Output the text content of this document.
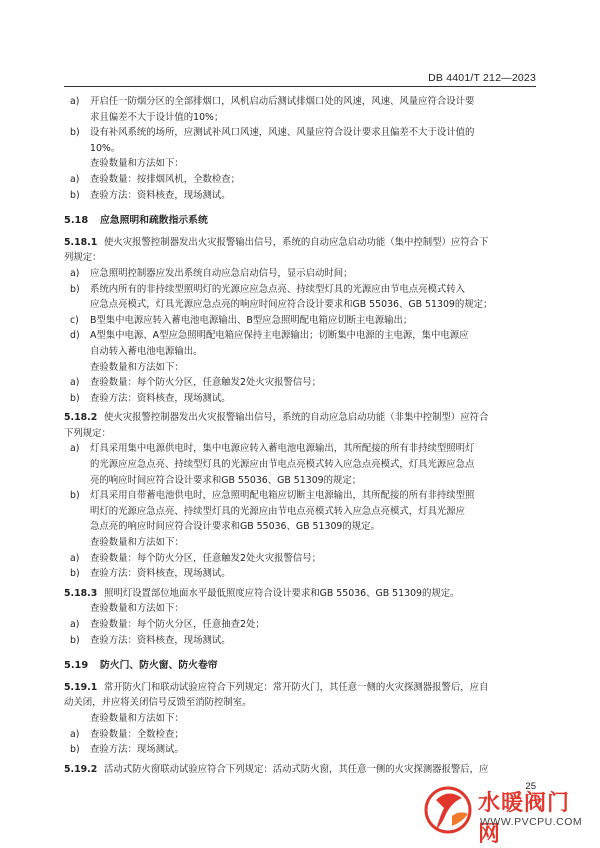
DB 4401/T 212—2023
a) 开启任一防烟分区的全部排烟口，风机启动后测试排烟口处的风速，风速、风量应符合设计要
求且偏差不大于设计值的10%；
b) 设有补风系统的场所，应测试补风口风速，风速、风量应符合设计要求且偏差不大于设计值的
10%。
查验数量和方法如下：
a) 查验数量：按排烟风机，全数检查；
b) 查验方法：资料核查，现场测试。
5.18 应急照明和疏散指示系统
5.18.1 使火灾报警控制器发出火灾报警输出信号，系统的自动应急启动功能（集中控制型）应符合下
列规定：
a) 应急照明控制器应发出系统自动应急启动信号，显示启动时间；
b) 系统内所有的非持续型照明灯的光源应应急点亮、持续型灯具的光源应由节电点亮模式转入
应急点亮模式，灯具光源应急点亮的响应时间应符合设计要求和GB 55036、GB 51309的规定；
c) B型集中电源应转入蓄电池电源输出、B型应急照明配电箱应切断主电源输出；
d) A型集中电源、A型应急照明配电箱应保持主电源输出；切断集中电源的主电源，集中电源应
自动转入蓄电池电源输出。
查验数量和方法如下：
a) 查验数量：每个防火分区，任意触发2处火灾报警信号；
b) 查验方法：资料核查，现场测试。
5.18.2 使火灾报警控制器发出火灾报警输出信号，系统的自动应急启动功能（非集中控制型）应符合
下列规定：
a) 灯具采用集中电源供电时，集中电源应转入蓄电池电源输出，其所配接的所有非持续型照明灯
的光源应应急点亮、持续型灯具的光源应由节电点亮模式转入应急点亮模式，灯具光源应急点
亮的响应时间应符合设计要求和GB 55036、GB 51309的规定；
b) 灯具采用自带蓄电池供电时，应急照明配电箱应切断主电源输出，其所配接的所有非持续型照
明灯的光源应急点亮、持续型灯具的光源应由节电点亮模式转入应急点亮模式，灯具光源应
急点亮的响应时间应符合设计要求和GB 55036、GB 51309的规定。
查验数量和方法如下：
a) 查验数量：每个防火分区，任意触发2处火灾报警信号；
b) 查验方法：资料核查，现场测试。
5.18.3 照明灯设置部位地面水平最低照度应符合设计要求和GB 55036、GB 51309的规定。
查验数量和方法如下：
a) 查验数量：每个防火分区，任意抽查2处；
b) 查验方法：资料核查，现场测试。
5.19 防火门、防火窗、防火卷帘
5.19.1 常开防火门和联动试验应符合下列规定：常开防火门，其任意一侧的火灾探测器报警后，应自
动关闭，并应将关闭信号反馈至消防控制室。
查验数量和方法如下：
a) 查验数量：全数检查；
b) 查验方法：现场测试。
5.19.2 活动式防火窗联动试验应符合下列规定：活动式防火窗，其任意一侧的火灾探测器报警后，应
25
水暖阀门网
WWW.PVCPU.COM
